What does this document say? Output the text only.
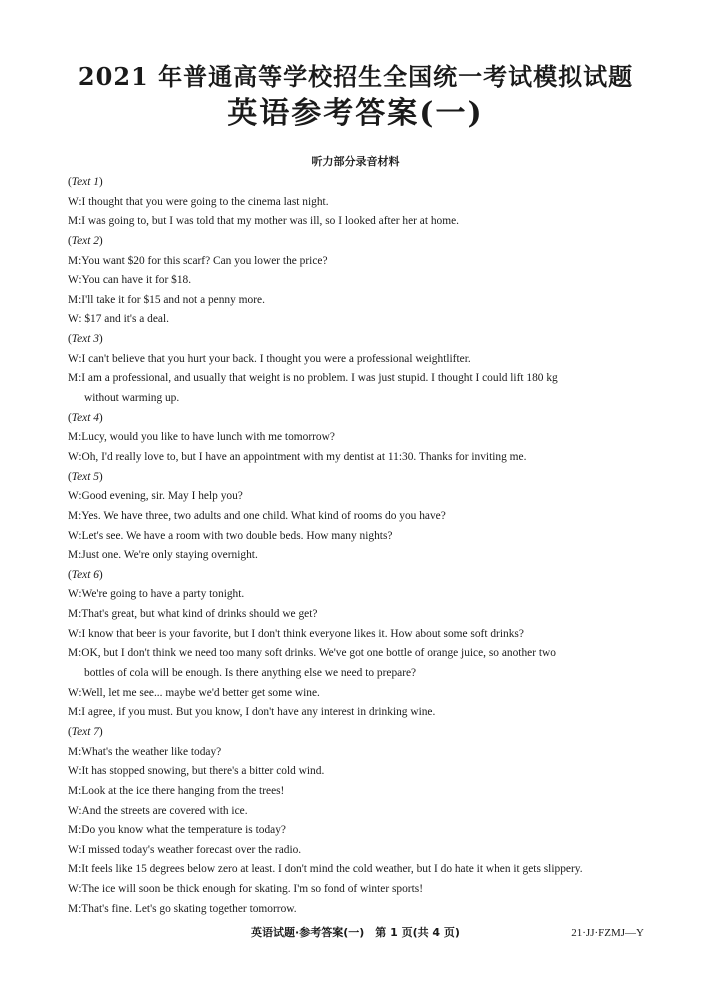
2021 年普通高等学校招生全国统一考试模拟试题
英语参考答案(一)
听力部分录音材料
(Text 1)
W:I thought that you were going to the cinema last night.
M:I was going to, but I was told that my mother was ill, so I looked after her at home.
(Text 2)
M:You want $20 for this scarf? Can you lower the price?
W:You can have it for $18.
M:I'll take it for $15 and not a penny more.
W: $17 and it's a deal.
(Text 3)
W:I can't believe that you hurt your back. I thought you were a professional weightlifter.
M:I am a professional, and usually that weight is no problem. I was just stupid. I thought I could lift 180 kg
without warming up.
(Text 4)
M:Lucy, would you like to have lunch with me tomorrow?
W:Oh, I'd really love to, but I have an appointment with my dentist at 11:30. Thanks for inviting me.
(Text 5)
W:Good evening, sir. May I help you?
M:Yes. We have three, two adults and one child. What kind of rooms do you have?
W:Let's see. We have a room with two double beds. How many nights?
M:Just one. We're only staying overnight.
(Text 6)
W:We're going to have a party tonight.
M:That's great, but what kind of drinks should we get?
W:I know that beer is your favorite, but I don't think everyone likes it. How about some soft drinks?
M:OK, but I don't think we need too many soft drinks. We've got one bottle of orange juice, so another two
bottles of cola will be enough. Is there anything else we need to prepare?
W:Well, let me see... maybe we'd better get some wine.
M:I agree, if you must. But you know, I don't have any interest in drinking wine.
(Text 7)
M:What's the weather like today?
W:It has stopped snowing, but there's a bitter cold wind.
M:Look at the ice there hanging from the trees!
W:And the streets are covered with ice.
M:Do you know what the temperature is today?
W:I missed today's weather forecast over the radio.
M:It feels like 15 degrees below zero at least. I don't mind the cold weather, but I do hate it when it gets slippery.
W:The ice will soon be thick enough for skating. I'm so fond of winter sports!
M:That's fine. Let's go skating together tomorrow.
英语试题·参考答案(一)　第 1 页(共 4 页)	21·JJ·FZMJ—Y
